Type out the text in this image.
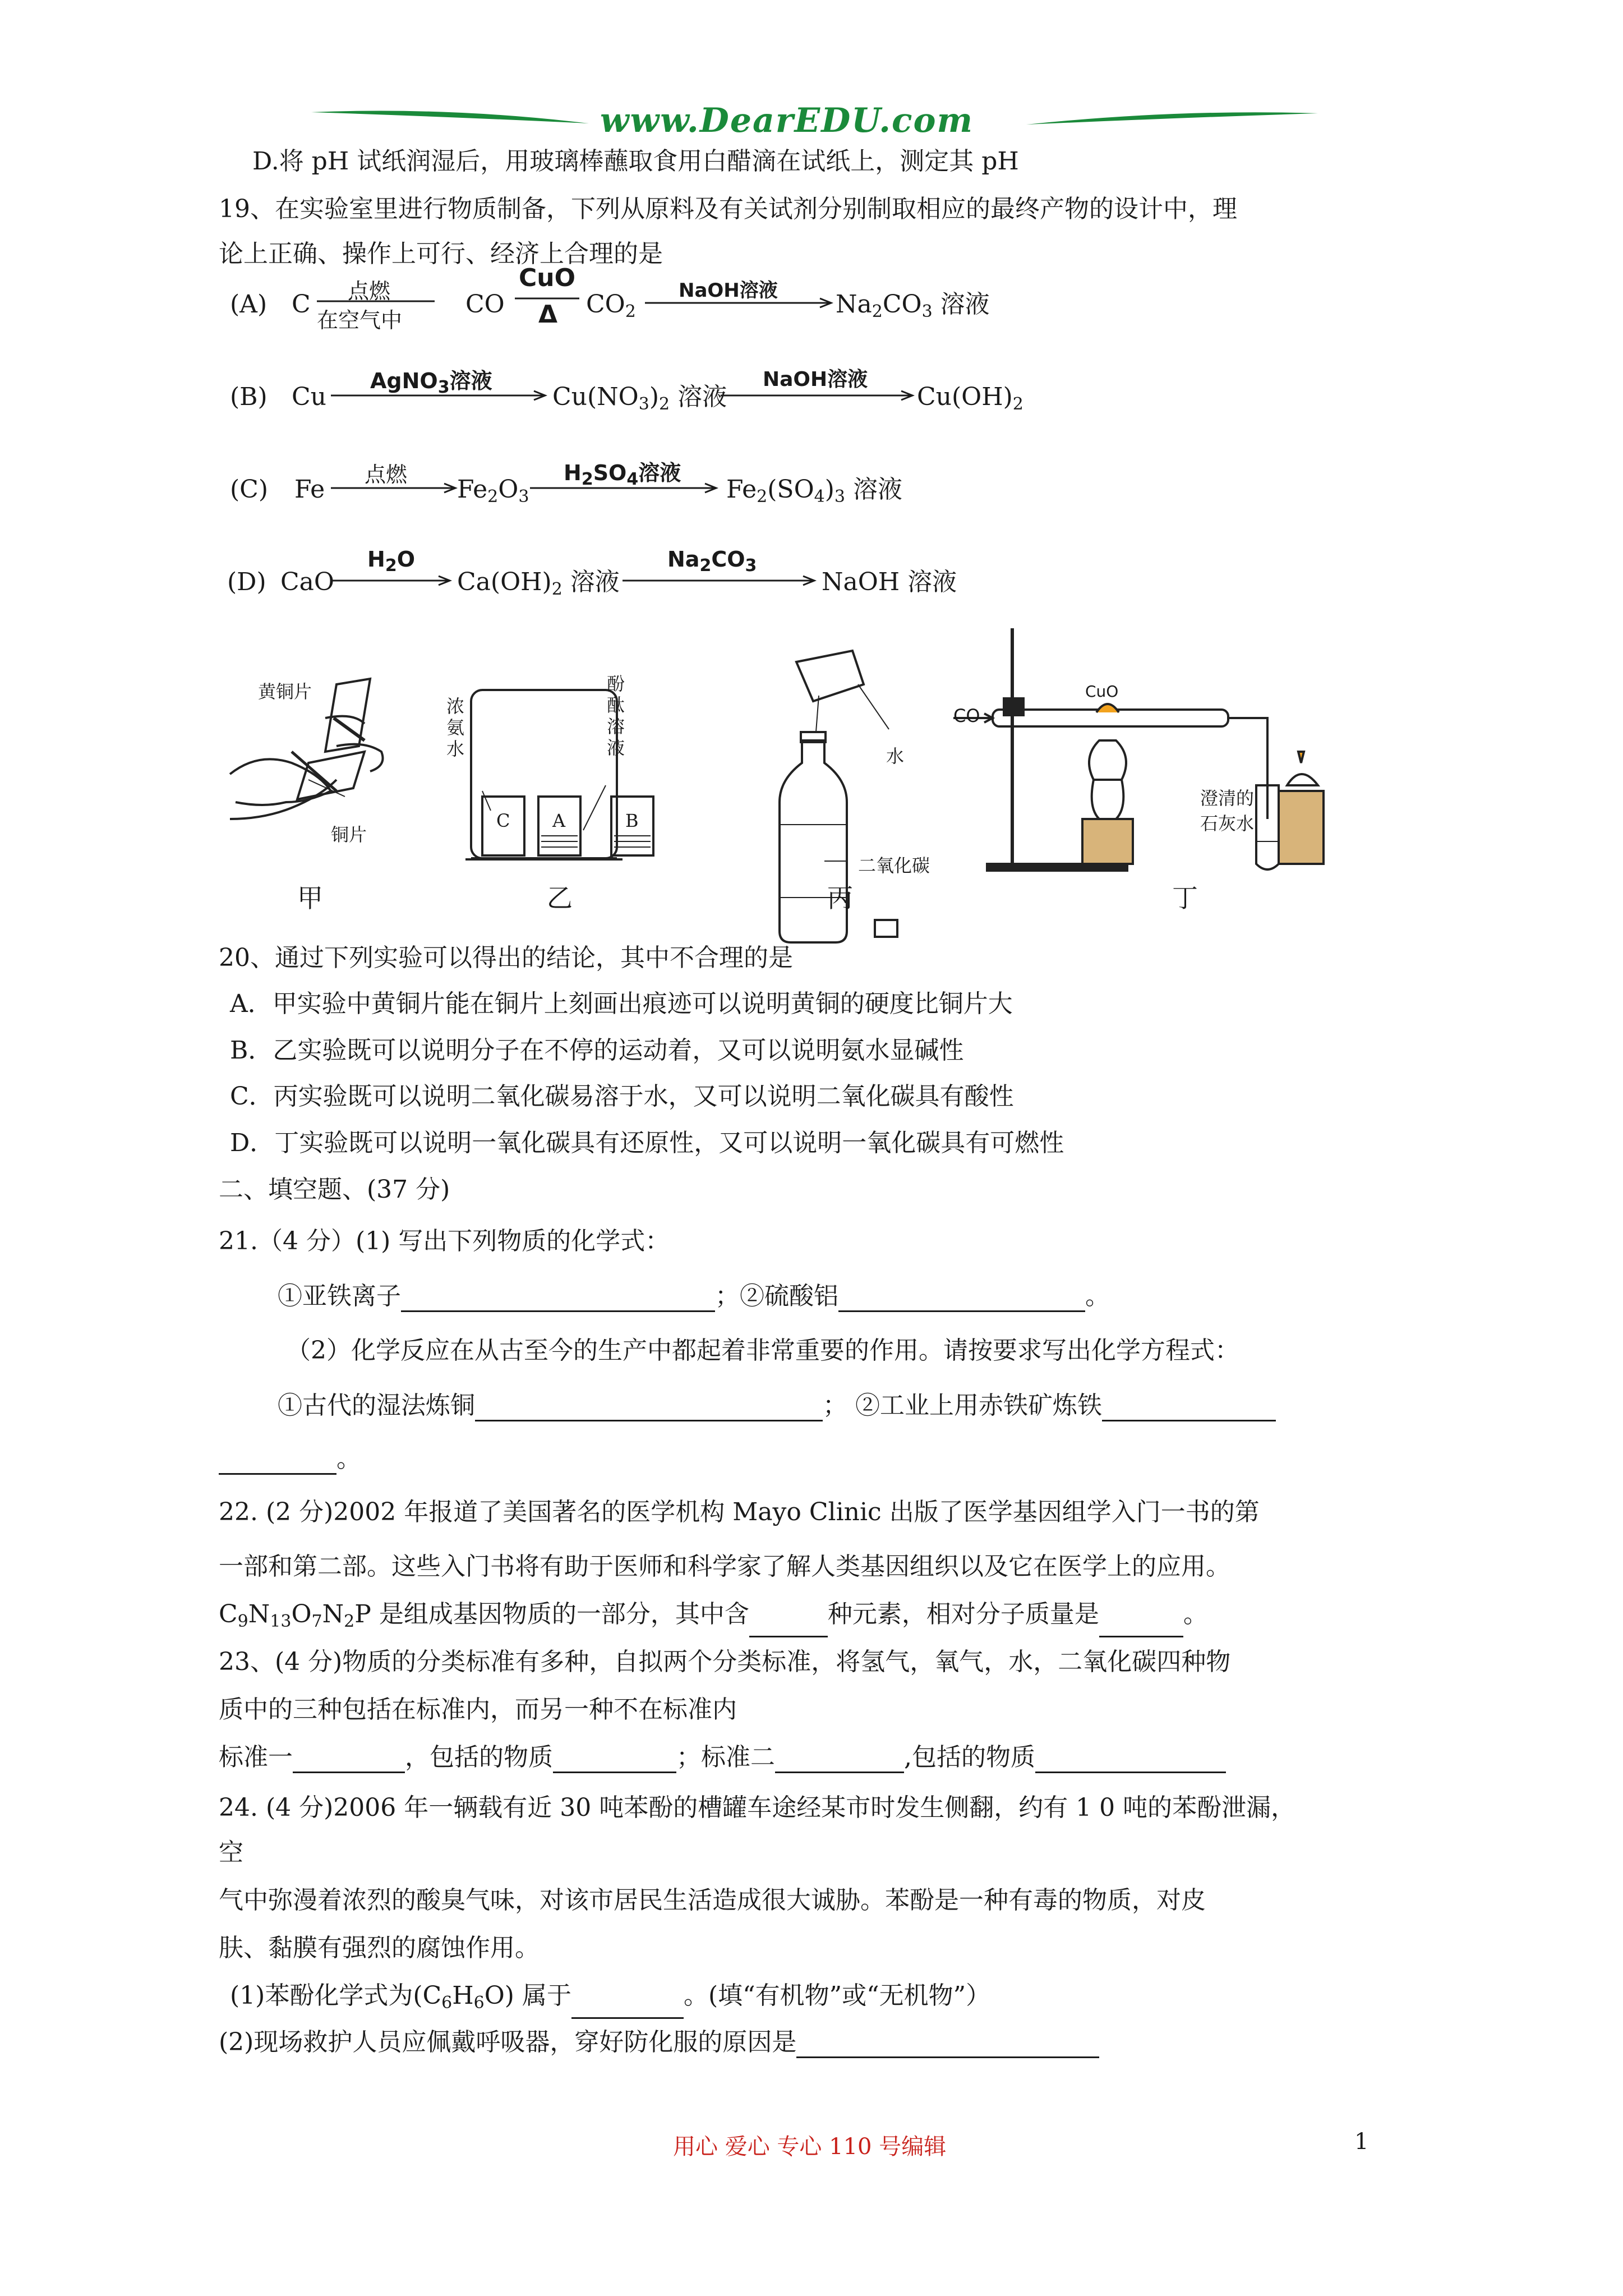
www.DearEDU.com
D.将 pH 试纸润湿后，用玻璃棒蘸取食用白醋滴在试纸上，测定其 pH
19、在实验室里进行物质制备，下列从原料及有关试剂分别制取相应的最终产物的设计中，理
论上正确、操作上可行、经济上合理的是
(A) C 点燃
在空气中
CO
CuO
Δ $CO_2$
NaOH溶液 $Na_2CO_3$ 溶液
(B) Cu
AgNO$_3$溶液
$Cu(NO_3)_2$ 溶液
NaOH溶液
$Cu(OH)_2$
(C) Fe
点燃
$Fe_2O_3$
$H_2SO_4$溶液
$Fe_2(SO_4)_3$ 溶液
(D) CaO
$H_2O$
$Ca(OH)_2$ 溶液
$Na_2CO_3$
NaOH 溶液
黄铜片
铜片
甲
浓氨水
酚酞溶液
C A	B
乙
水
二氧化碳
丙
CO
CuO
澄清的
石灰水
丁
20、通过下列实验可以得出的结论，其中不合理的是
A．甲实验中黄铜片能在铜片上刻画出痕迹可以说明黄铜的硬度比铜片大
B．乙实验既可以说明分子在不停的运动着，又可以说明氨水显碱性
C．丙实验既可以说明二氧化碳易溶于水，又可以说明二氧化碳具有酸性
D．丁实验既可以说明一氧化碳具有还原性，又可以说明一氧化碳具有可燃性
二、填空题、(37 分)
21.（4 分）(1) 写出下列物质的化学式：
①亚铁离子	；②硫酸铝	。
（2）化学反应在从古至今的生产中都起着非常重要的作用。请按要求写出化学方程式：
①古代的湿法炼铜	； ②工业上用赤铁矿炼铁
。
22. (2 分)2002 年报道了美国著名的医学机构 Mayo Clinic 出版了医学基因组学入门一书的第
一部和第二部。这些入门书将有助于医师和科学家了解人类基因组织以及它在医学上的应用。
$C_9N_{13}O_7N_2P$ 是组成基因物质的一部分，其中含	种元素，相对分子质量是	。
23、(4 分)物质的分类标准有多种，自拟两个分类标准，将氢气，氧气，水，二氧化碳四种物
质中的三种包括在标准内，而另一种不在标准内
标准一	，包括的物质	；标准二	,包括的物质
24. (4 分)2006 年一辆载有近 30 吨苯酚的槽罐车途经某市时发生侧翻，约有 1 0 吨的苯酚泄漏，
空
气中弥漫着浓烈的酸臭气味，对该市居民生活造成很大诚胁。苯酚是一种有毒的物质，对皮
肤、黏膜有强烈的腐蚀作用。
(1)苯酚化学式为$(C_6H_6O)$ 属于	。(填“有机物”或“无机物”）
(2)现场救护人员应佩戴呼吸器，穿好防化服的原因是
用心 爱心 专心 110 号编辑	1
